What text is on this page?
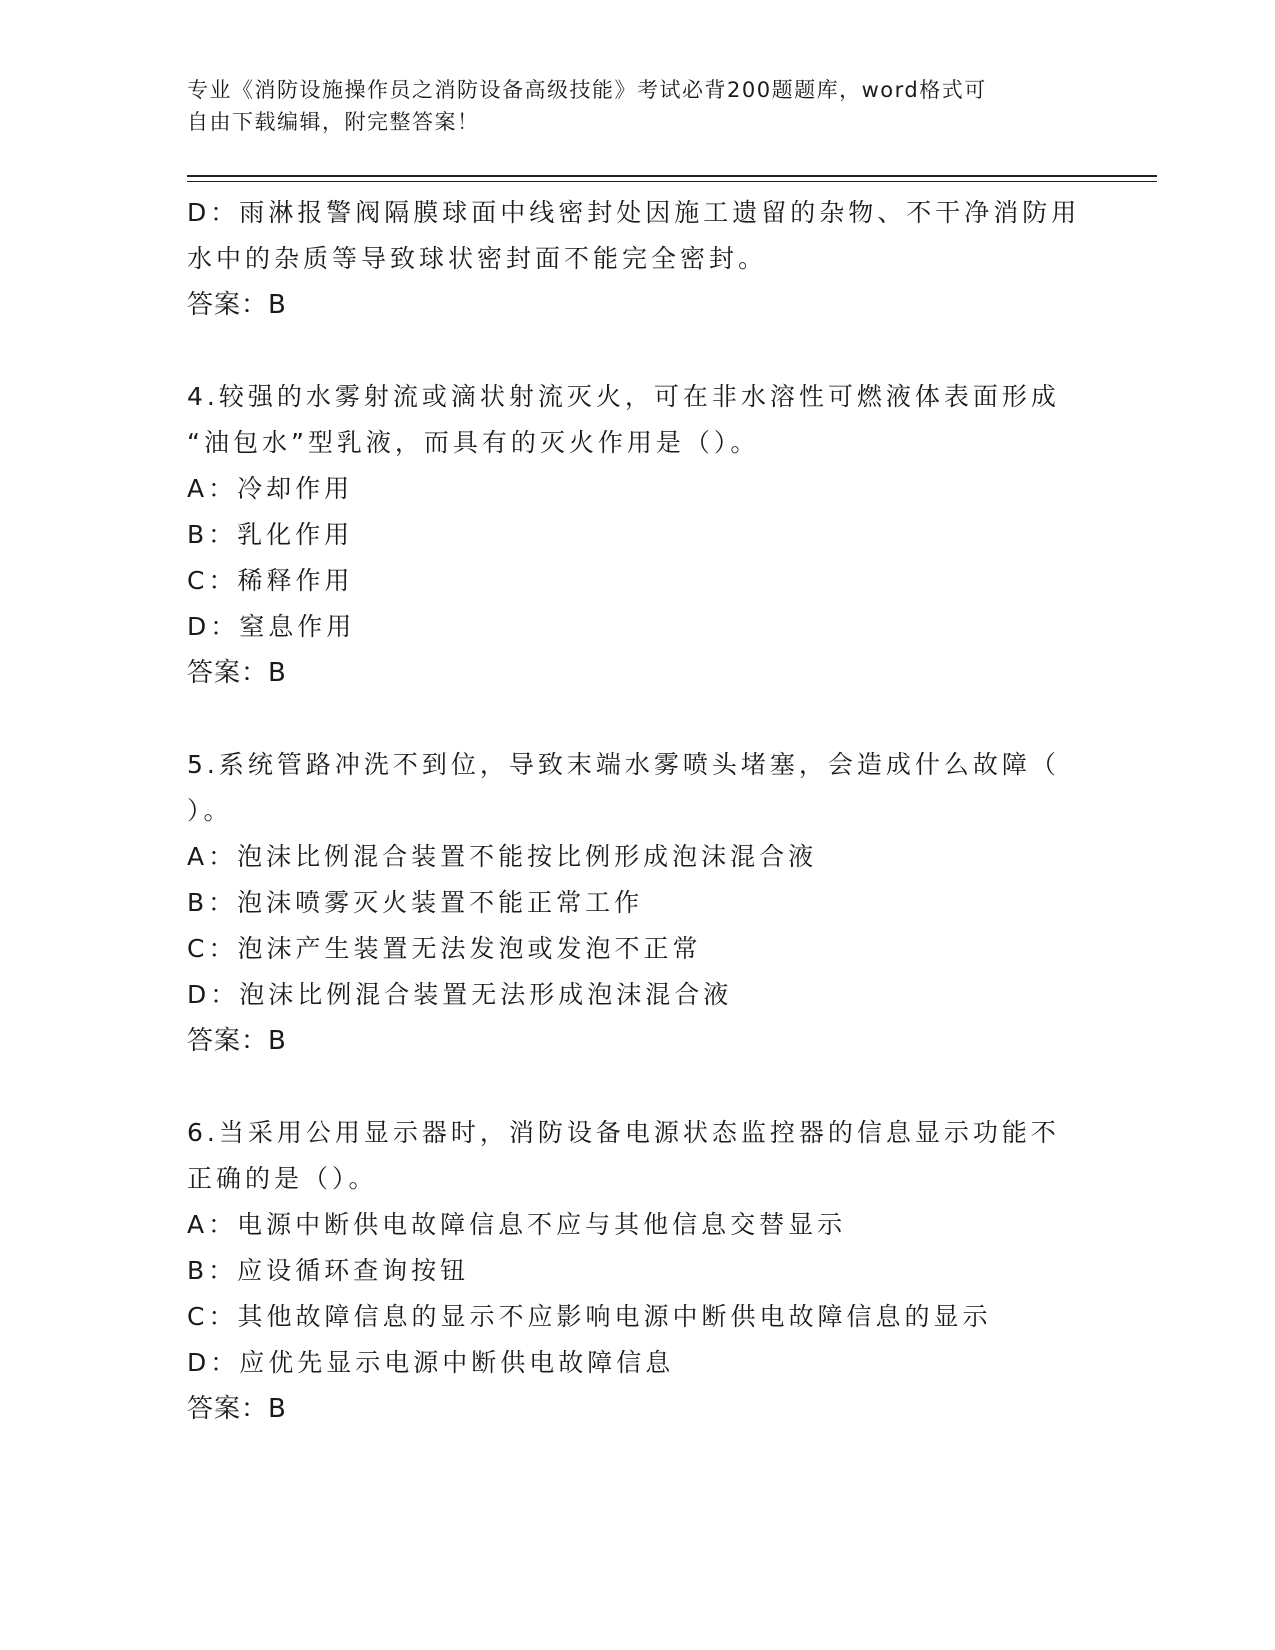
专业《消防设施操作员之消防设备高级技能》考试必背200题题库，word格式可
自由下载编辑，附完整答案！
D：雨淋报警阀隔膜球面中线密封处因施工遗留的杂物、不干净消防用
水中的杂质等导致球状密封面不能完全密封。
答案：B
4.较强的水雾射流或滴状射流灭火，可在非水溶性可燃液体表面形成
“油包水”型乳液，而具有的灭火作用是（）。
A：冷却作用
B：乳化作用
C：稀释作用
D：窒息作用
答案：B
5.系统管路冲洗不到位，导致末端水雾喷头堵塞，会造成什么故障（
）。
A：泡沫比例混合装置不能按比例形成泡沫混合液
B：泡沫喷雾灭火装置不能正常工作
C：泡沫产生装置无法发泡或发泡不正常
D：泡沫比例混合装置无法形成泡沫混合液
答案：B
6.当采用公用显示器时，消防设备电源状态监控器的信息显示功能不
正确的是（）。
A：电源中断供电故障信息不应与其他信息交替显示
B：应设循环查询按钮
C：其他故障信息的显示不应影响电源中断供电故障信息的显示
D：应优先显示电源中断供电故障信息
答案：B
